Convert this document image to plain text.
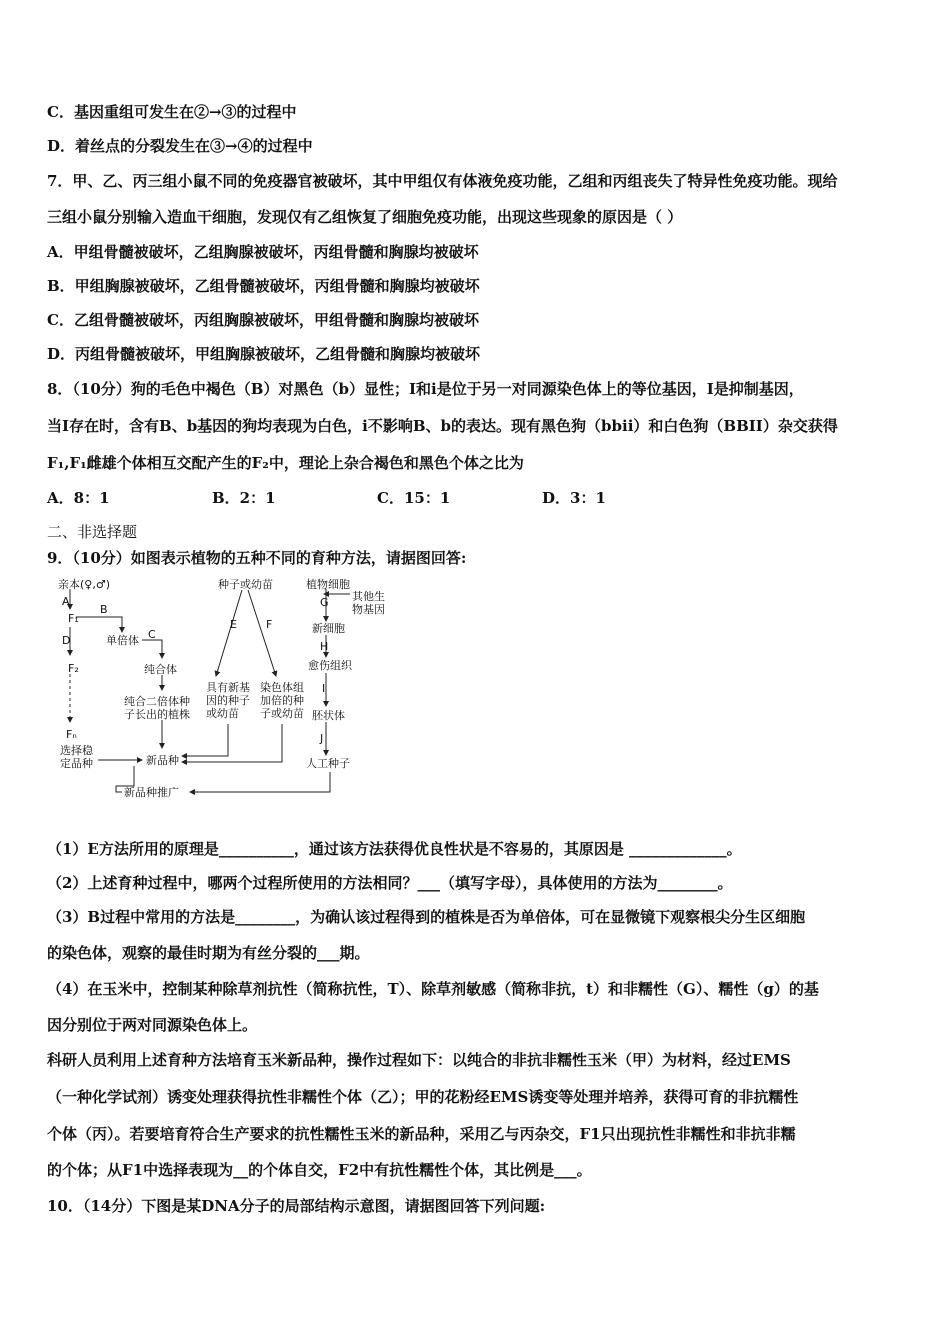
C．基因重组可发生在②→③的过程中
D．着丝点的分裂发生在③→④的过程中
7．甲、乙、丙三组小鼠不同的免疫器官被破坏，其中甲组仅有体液免疫功能，乙组和丙组丧失了特异性免疫功能。现给
三组小鼠分别输入造血干细胞，发现仅有乙组恢复了细胞免疫功能，出现这些现象的原因是（ ）
A．甲组骨髓被破坏，乙组胸腺被破坏，丙组骨髓和胸腺均被破坏
B．甲组胸腺被破坏，乙组骨髓被破坏，丙组骨髓和胸腺均被破坏
C．乙组骨髓被破坏，丙组胸腺被破坏，甲组骨髓和胸腺均被破坏
D．丙组骨髓被破坏，甲组胸腺被破坏，乙组骨髓和胸腺均被破坏
8．（10分）狗的毛色中褐色（B）对黑色（b）显性；I和i是位于另一对同源染色体上的等位基因，I是抑制基因，
当I存在时，含有B、b基因的狗均表现为白色，i不影响B、b的表达。现有黑色狗（bbii）和白色狗（BBII）杂交获得
F₁,F₁雌雄个体相互交配产生的F₂中，理论上杂合褐色和黑色个体之比为
A．8：1	B．2：1	C．15：1	D．3：1
二、非选择题
9．（10分）如图表示植物的五种不同的育种方法，请据图回答:
亲本(♀,♂)
A
B
F₁
D	单倍体 C
纯合体
F₂
纯合二倍体种
子长出的植株
Fₙ
选择稳
定品种	新品种
新品种推广
种子或幼苗
E	F
具有新基
因的种子
或幼苗
染色体组
加倍的种
子或幼苗
植物细胞
其他生
物基因
G
新细胞
H
愈伤组织
I
胚状体
J
人工种子
（1）E方法所用的原理是__________，通过该方法获得优良性状是不容易的，其原因是 _____________。
（2）上述育种过程中，哪两个过程所使用的方法相同？___（填写字母），具体使用的方法为________。
（3）B过程中常用的方法是________，为确认该过程得到的植株是否为单倍体，可在显微镜下观察根尖分生区细胞
的染色体，观察的最佳时期为有丝分裂的___期。
（4）在玉米中，控制某种除草剂抗性（简称抗性，T）、除草剂敏感（简称非抗，t）和非糯性（G）、糯性（g）的基
因分别位于两对同源染色体上。
科研人员利用上述育种方法培育玉米新品种，操作过程如下：以纯合的非抗非糯性玉米（甲）为材料，经过EMS
（一种化学试剂）诱变处理获得抗性非糯性个体（乙）；甲的花粉经EMS诱变等处理并培养，获得可育的非抗糯性
个体（丙）。若要培育符合生产要求的抗性糯性玉米的新品种，采用乙与丙杂交，F1只出现抗性非糯性和非抗非糯
的个体；从F1中选择表现为__的个体自交，F2中有抗性糯性个体，其比例是___。
10．（14分）下图是某DNA分子的局部结构示意图，请据图回答下列问题:
